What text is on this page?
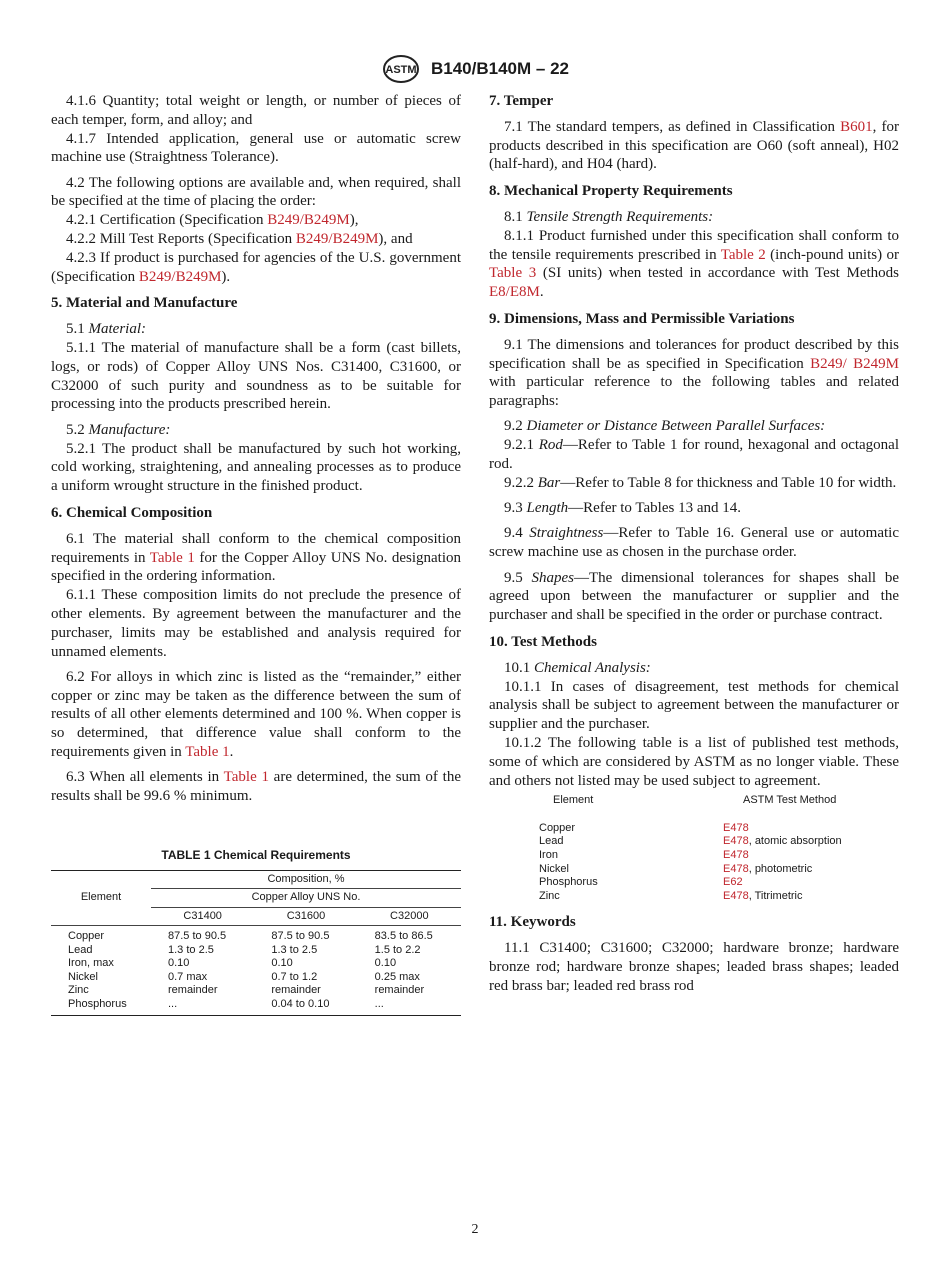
ASTM B140/B140M – 22

4.1.6 Quantity; total weight or length, or number of pieces of each temper, form, and alloy; and

4.1.7 Intended application, general use or automatic screw machine use (Straightness Tolerance).

4.2 The following options are available and, when required, shall be specified at the time of placing the order:

4.2.1 Certification (Specification B249/B249M),

4.2.2 Mill Test Reports (Specification B249/B249M), and

4.2.3 If product is purchased for agencies of the U.S. government (Specification B249/B249M).

5. Material and Manufacture

5.1 Material:

5.1.1 The material of manufacture shall be a form (cast billets, logs, or rods) of Copper Alloy UNS Nos. C31400, C31600, or C32000 of such purity and soundness as to be suitable for processing into the products prescribed herein.

5.2 Manufacture:

5.2.1 The product shall be manufactured by such hot working, cold working, straightening, and annealing processes as to produce a uniform wrought structure in the finished product.

6. Chemical Composition

6.1 The material shall conform to the chemical composition requirements in Table 1 for the Copper Alloy UNS No. designation specified in the ordering information.

6.1.1 These composition limits do not preclude the presence of other elements. By agreement between the manufacturer and the purchaser, limits may be established and analysis required for unnamed elements.

6.2 For alloys in which zinc is listed as the “remainder,” either copper or zinc may be taken as the difference between the sum of results of all other elements determined and 100 %. When copper is so determined, that difference value shall conform to the requirements given in Table 1.

6.3 When all elements in Table 1 are determined, the sum of the results shall be 99.6 % minimum.

TABLE 1 Chemical Requirements
Element	Composition, %		
	Copper Alloy UNS No.		
	C31400	C31600	C32000
Copper	87.5 to 90.5	87.5 to 90.5	83.5 to 86.5
Lead	1.3 to 2.5	1.3 to 2.5	1.5 to 2.2
Iron, max	0.10	0.10	0.10
Nickel	0.7 max	0.7 to 1.2	0.25 max
Zinc	remainder	remainder	remainder
Phosphorus	...	0.04 to 0.10	...
7. Temper

7.1 The standard tempers, as defined in Classification B601, for products described in this specification are O60 (soft anneal), H02 (half-hard), and H04 (hard).

8. Mechanical Property Requirements

8.1 Tensile Strength Requirements:

8.1.1 Product furnished under this specification shall conform to the tensile requirements prescribed in Table 2 (inch-pound units) or Table 3 (SI units) when tested in accordance with Test Methods E8/E8M.

9. Dimensions, Mass and Permissible Variations

9.1 The dimensions and tolerances for product described by this specification shall be as specified in Specification B249/ B249M with particular reference to the following tables and related paragraphs:

9.2 Diameter or Distance Between Parallel Surfaces:

9.2.1 Rod—Refer to Table 1 for round, hexagonal and octagonal rod.

9.2.2 Bar—Refer to Table 8 for thickness and Table 10 for width.

9.3 Length—Refer to Tables 13 and 14.

9.4 Straightness—Refer to Table 16. General use or automatic screw machine use as chosen in the purchase order.

9.5 Shapes—The dimensional tolerances for shapes shall be agreed upon between the manufacturer or supplier and the purchaser and shall be specified in the order or purchase contract.

10. Test Methods

10.1 Chemical Analysis:

10.1.1 In cases of disagreement, test methods for chemical analysis shall be subject to agreement between the manufacturer or supplier and the purchaser.

10.1.2 The following table is a list of published test methods, some of which are considered by ASTM as no longer viable. These and others not listed may be used subject to agreement.

Element	ASTM Test Method
Copper	E478
Lead	E478, atomic absorption
Iron	E478
Nickel	E478, photometric
Phosphorus	E62
Zinc	E478, Titrimetric
11. Keywords

11.1 C31400; C31600; C32000; hardware bronze; hardware bronze rod; hardware bronze shapes; leaded brass shapes; leaded red brass bar; leaded red brass rod

2
